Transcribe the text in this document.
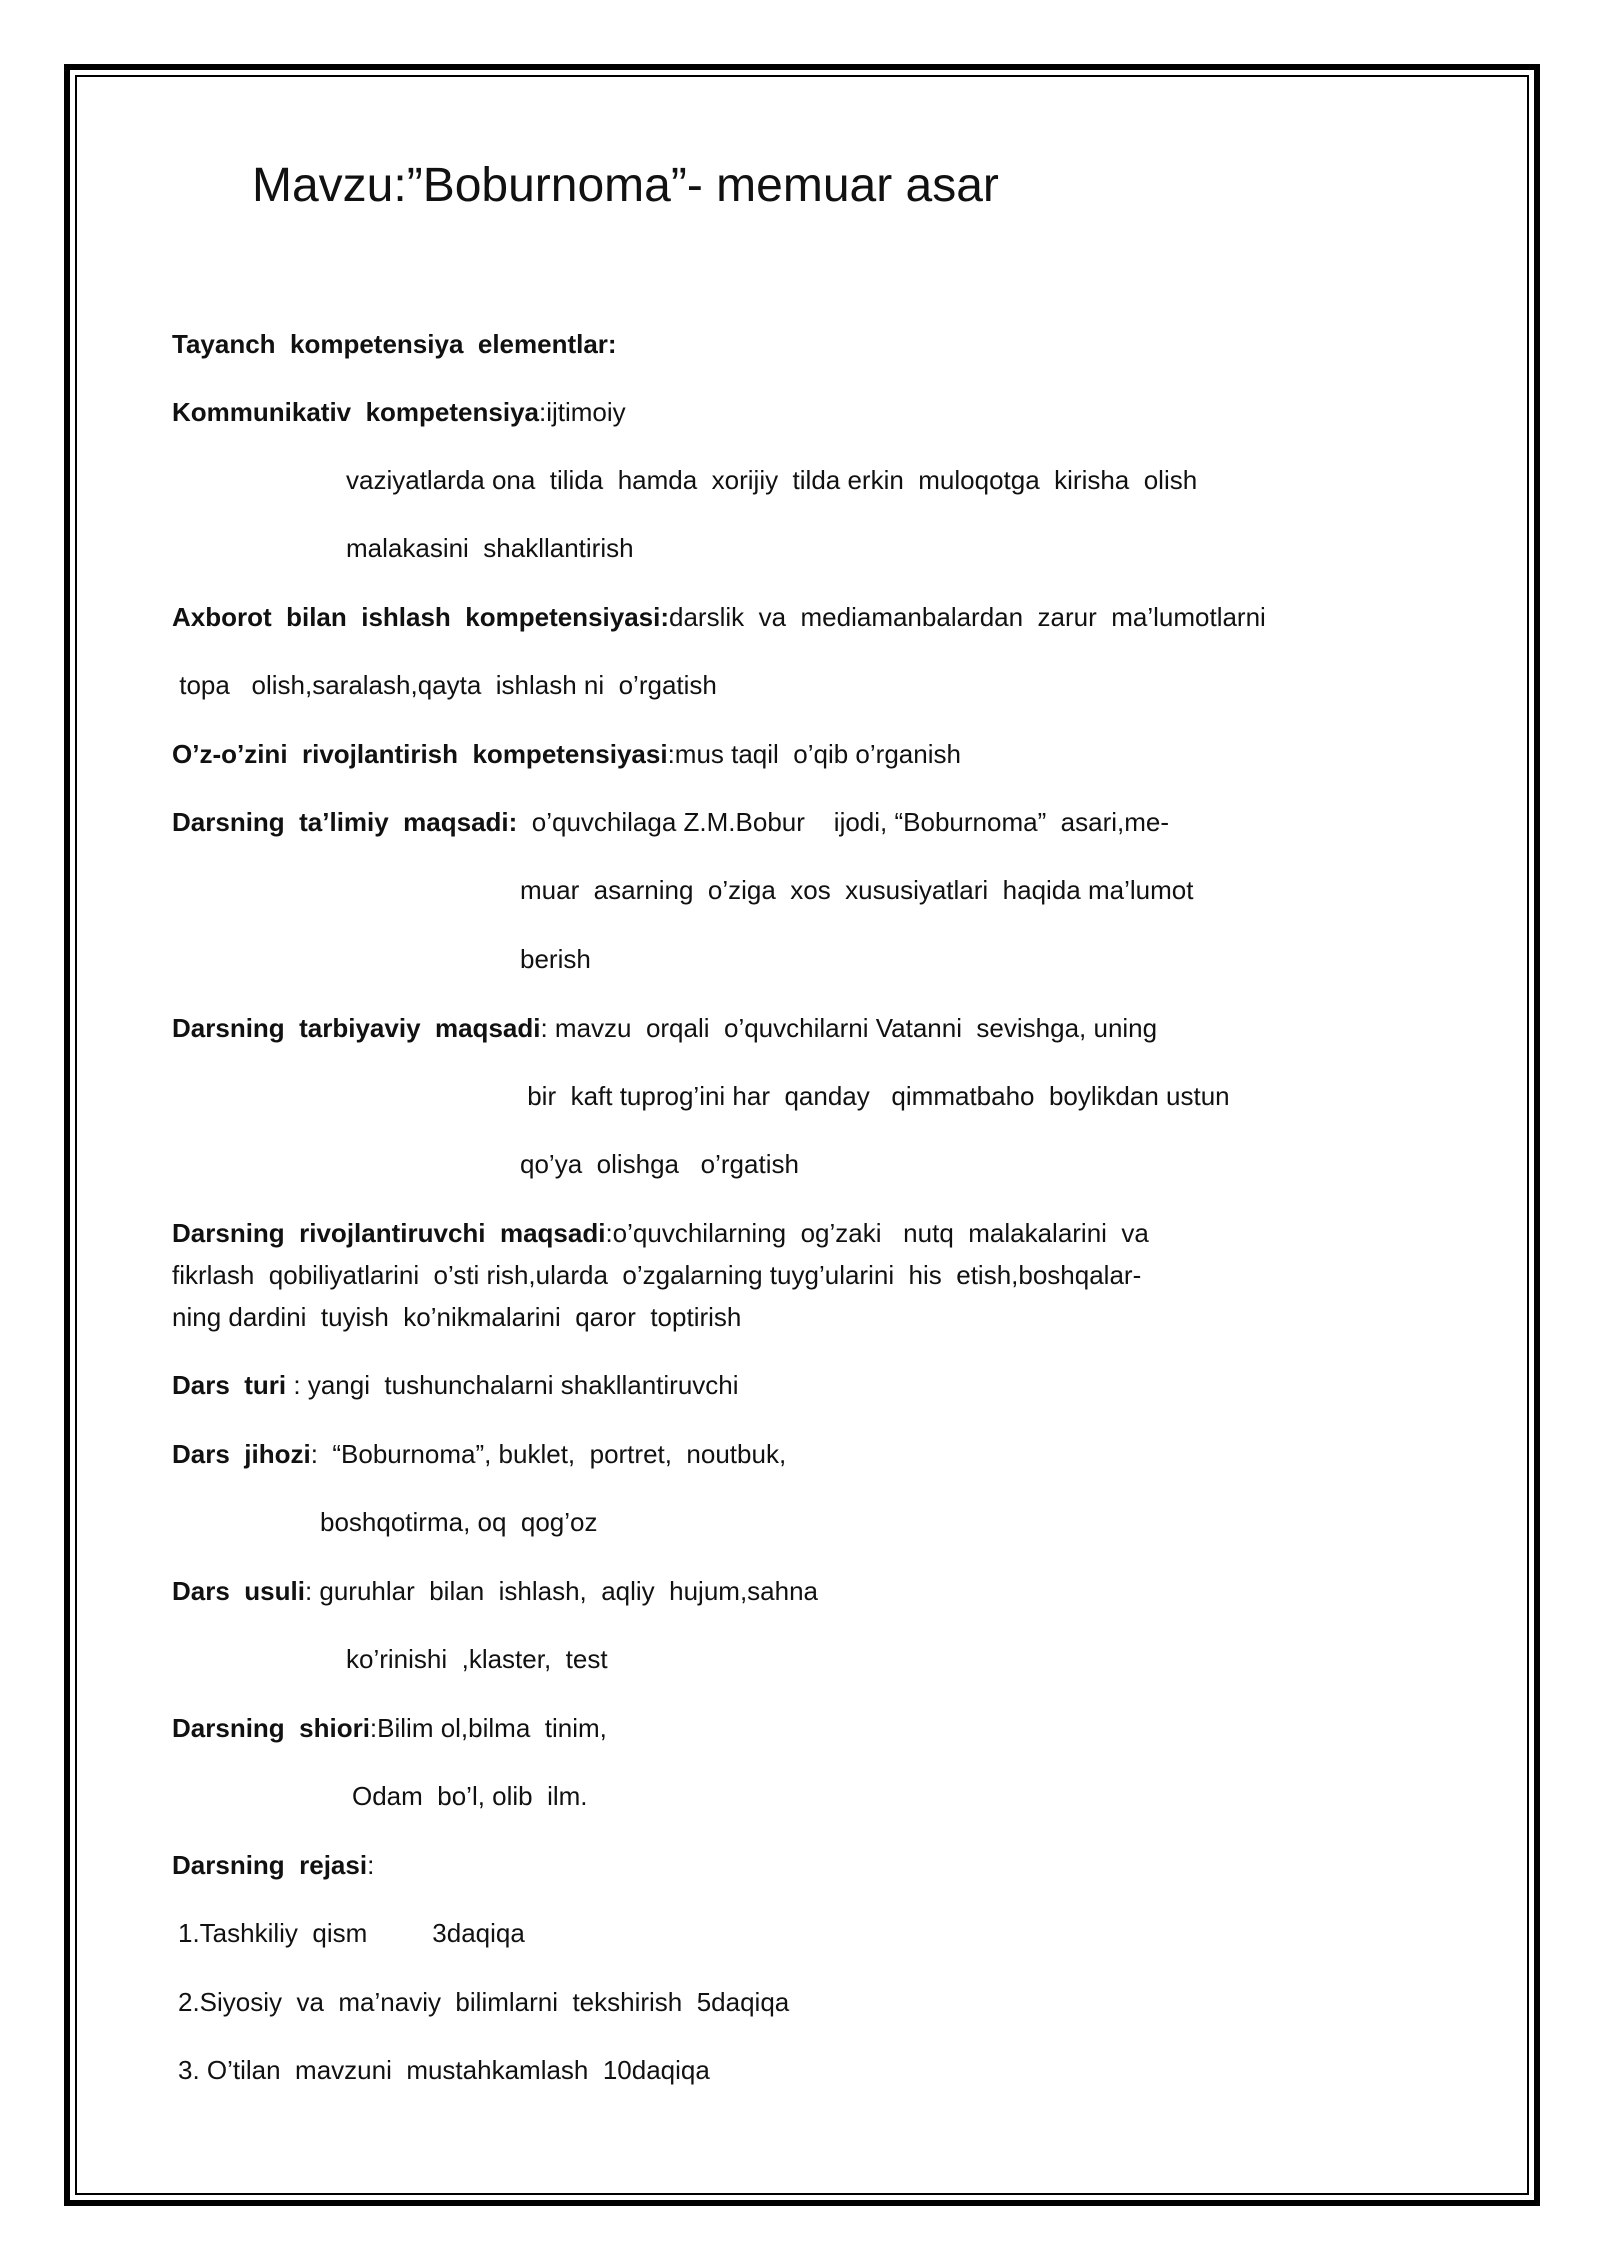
Mavzu:”Boburnoma”- memuar asar
Tayanch  kompetensiya  elementlar:
Kommunikativ  kompetensiya:ijtimoiy
vaziyatlarda ona  tilida  hamda  xorijiy  tilda erkin  muloqotga  kirisha  olish
malakasini  shakllantirish
Axborot  bilan  ishlash  kompetensiyasi:darslik  va  mediamanbalardan  zarur  ma’lumotlarni
topa   olish,saralash,qayta  ishlash ni  o’rgatish
O’z-o’zini  rivojlantirish  kompetensiyasi:mus taqil  o’qib o’rganish
Darsning  ta’limiy  maqsadi:  o’quvchilaga Z.M.Bobur    ijodi, “Boburnoma”  asari,me-
muar  asarning  o’ziga  xos  xususiyatlari  haqida ma’lumot
berish
Darsning  tarbiyaviy  maqsadi: mavzu  orqali  o’quvchilarni Vatanni  sevishga, uning
bir  kaft tuprog’ini har  qanday   qimmatbaho  boylikdan ustun
qo’ya  olishga   o’rgatish
Darsning  rivojlantiruvchi  maqsadi:o’quvchilarning  og’zaki   nutq  malakalarini  va
fikrlash  qobiliyatlarini  o’sti rish,ularda  o’zgalarning tuyg’ularini  his  etish,boshqalar-
ning dardini  tuyish  ko’nikmalarini  qaror  toptirish
Dars  turi : yangi  tushunchalarni shakllantiruvchi
Dars  jihozi:  “Boburnoma”, buklet,  portret,  noutbuk,
boshqotirma, oq  qog’oz
Dars  usuli: guruhlar  bilan  ishlash,  aqliy  hujum,sahna
ko’rinishi  ,klaster,  test
Darsning  shiori:Bilim ol,bilma  tinim,
Odam  bo’l, olib  ilm.
Darsning  rejasi:
1.Tashkiliy  qism         3daqiqa
2.Siyosiy  va  ma’naviy  bilimlarni  tekshirish  5daqiqa
3. O’tilan  mavzuni  mustahkamlash  10daqiqa
